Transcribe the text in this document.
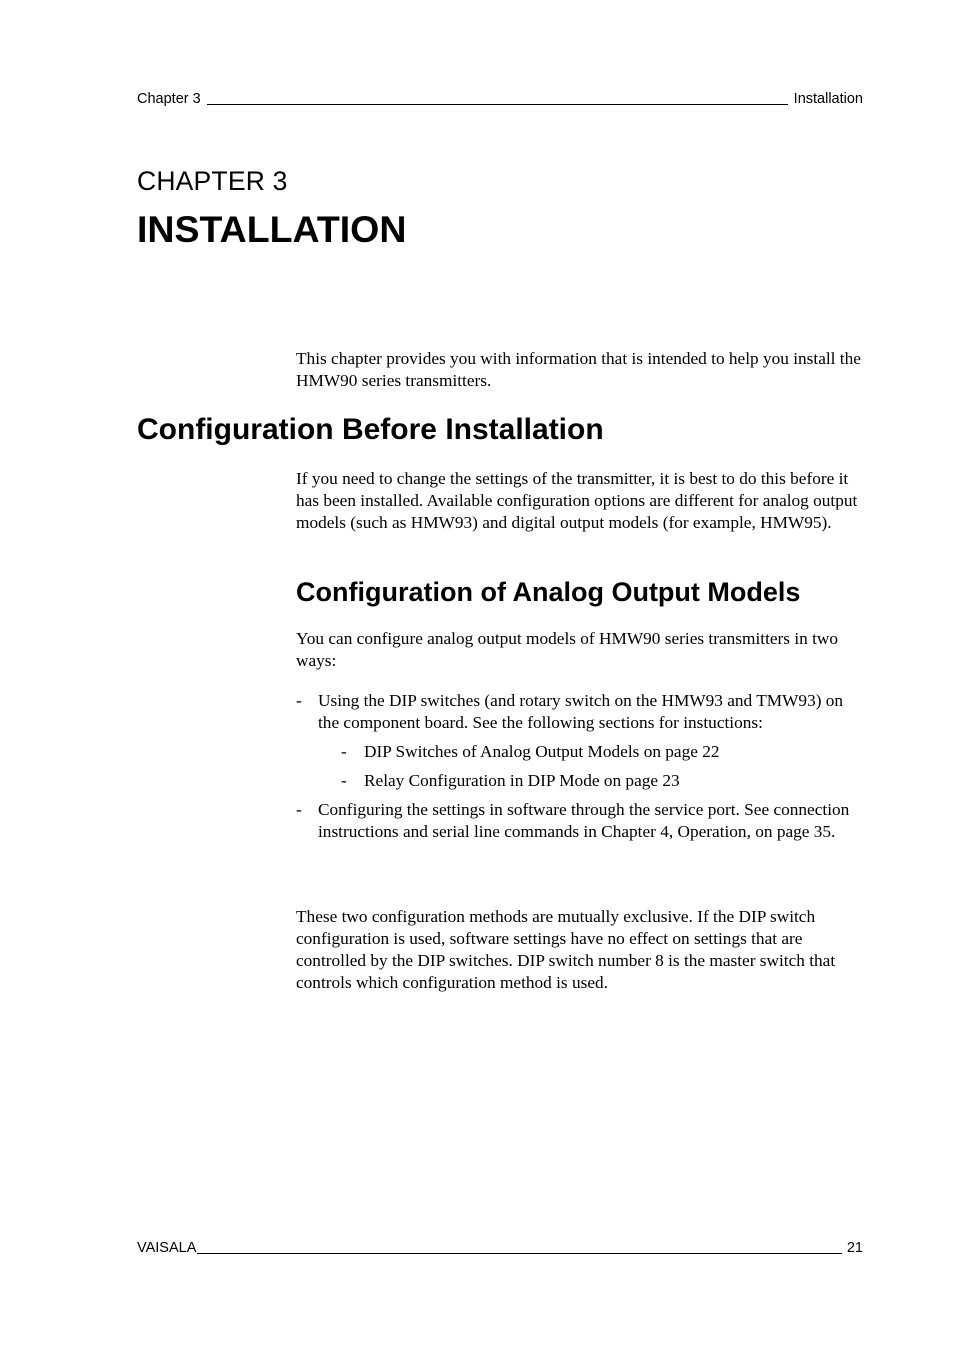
Chapter 3	Installation
CHAPTER 3
INSTALLATION

This chapter provides you with information that is intended to help you install the HMW90 series transmitters.

Configuration Before Installation

If you need to change the settings of the transmitter, it is best to do this before it has been installed. Available configuration options are different for analog output models (such as HMW93) and digital output models (for example, HMW95).

Configuration of Analog Output Models

You can configure analog output models of HMW90 series transmitters in two ways:

- Using the DIP switches (and rotary switch on the HMW93 and TMW93) on the component board. See the following sections for instuctions:
- DIP Switches of Analog Output Models on page 22
- Relay Configuration in DIP Mode on page 23
- Configuring the settings in software through the service port. See connection instructions and serial line commands in Chapter 4, Operation, on page 35.

These two configuration methods are mutually exclusive. If the DIP switch configuration is used, software settings have no effect on settings that are controlled by the DIP switches. DIP switch number 8 is the master switch that controls which configuration method is used.

VAISALA	21
